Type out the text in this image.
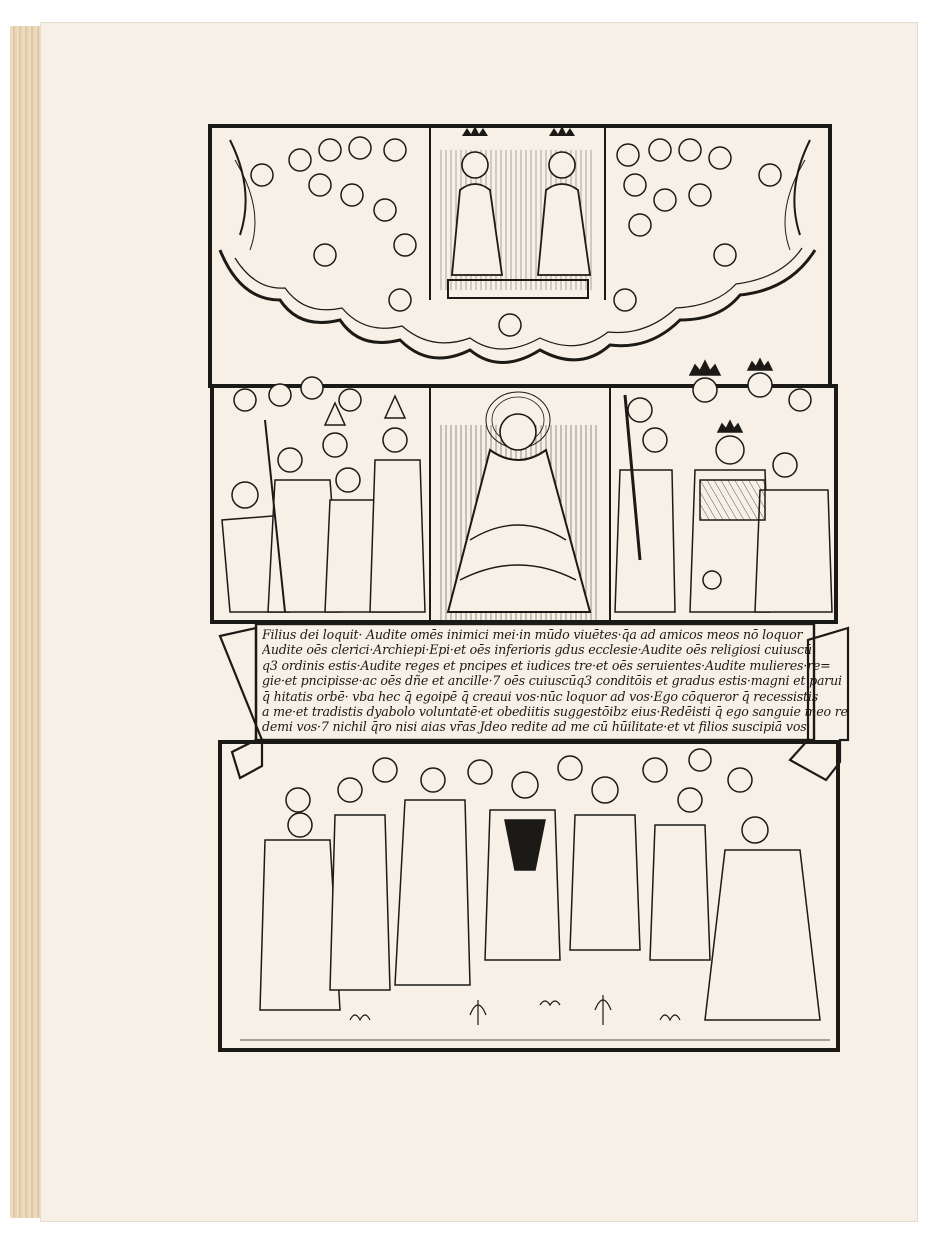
Filius dei loquit· Audite omēs inimici mei·in mūdo viuētes·q̄a ad amicos meos nō loquor
Audite oēs clerici·Archiepi·Epi·et oēs inferioris gdus ecclesie·Audite oēs religiosi cuiuscū
q3 ordinis estis·Audite reges et pncipes et iudices tre·et oēs seruientes·Audite mulieres·re=
gie·et pncipisse·ac oēs dñe et ancille·7 oēs cuiuscūq3 conditōis et gradus estis·magni et parui
q̄ hitatis orbē· vba hec q̄ egoipē q̄ creaui vos·nūc loquor ad vos·Ego cōqueror q̄ recessistis
a me·et tradistis dyabolo voluntatē·et obediitis suggestōibz eius·Redēisti q̄ ego sanguie meo re
demi vos·7 nichil q̄ro nisi aias vr̄as Jdeo redite ad me cū hūilitate·et vt filios suscipiā vos·
